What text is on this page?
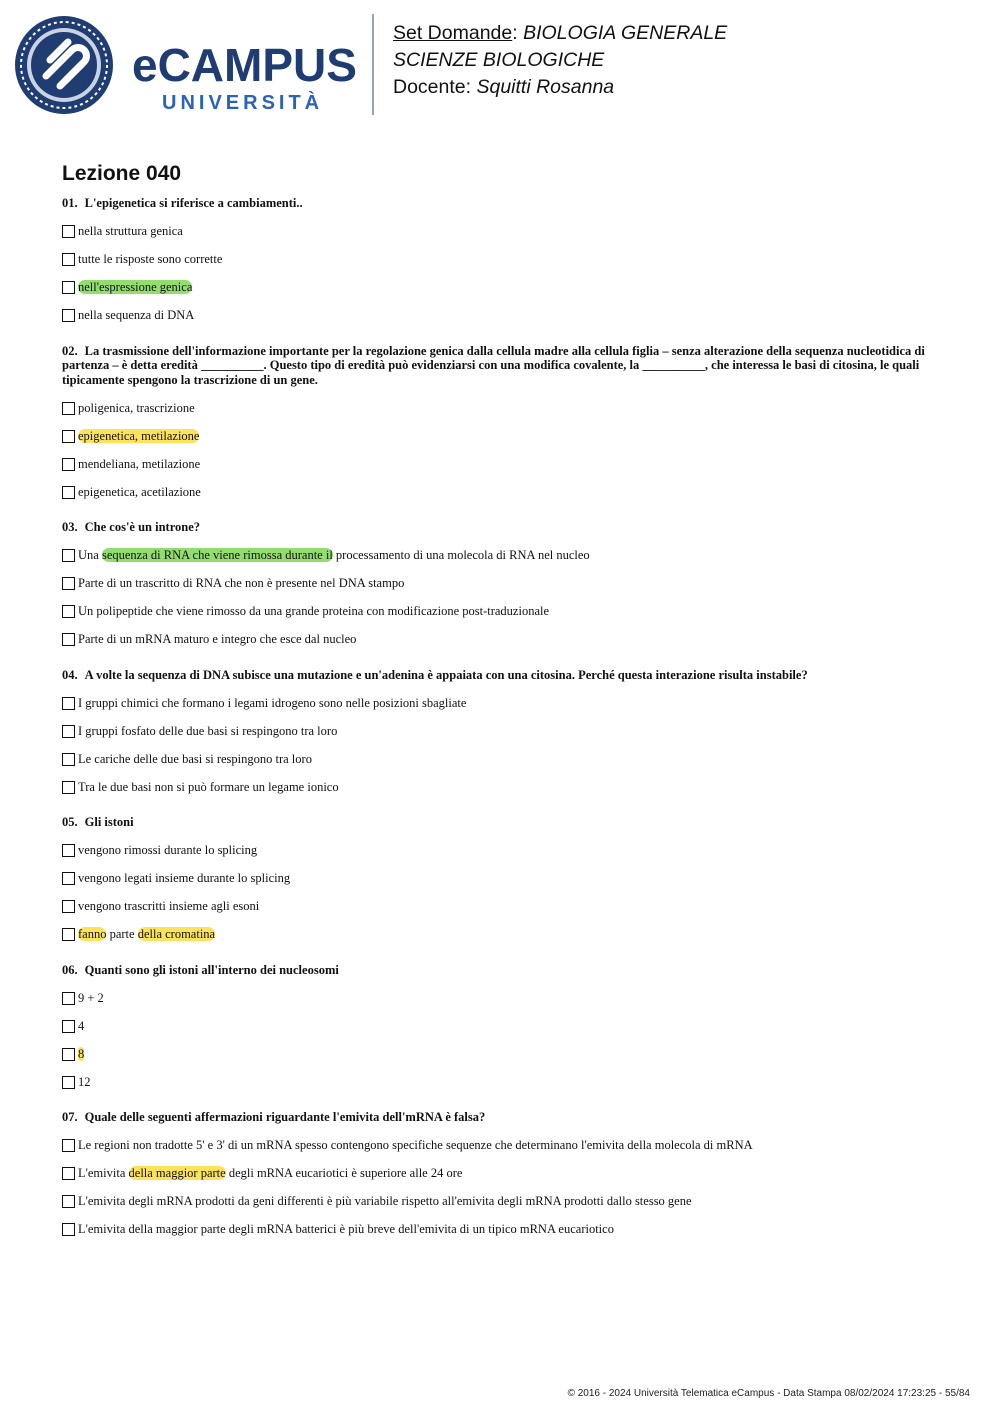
eCAMPUS
UNIVERSITÀ
Set Domande: BIOLOGIA GENERALE
SCIENZE BIOLOGICHE
Docente: Squitti Rosanna
Lezione 040
01. L'epigenetica si riferisce a cambiamenti..
nella struttura genica
tutte le risposte sono corrette
nell'espressione genica
nella sequenza di DNA
02. La trasmissione dell'informazione importante per la regolazione genica dalla cellula madre alla cellula figlia – senza alterazione della sequenza nucleotidica di partenza – è detta eredità __________. Questo tipo di eredità può evidenziarsi con una modifica covalente, la __________, che interessa le basi di citosina, le quali tipicamente spengono la trascrizione di un gene.
poligenica, trascrizione
epigenetica, metilazione
mendeliana, metilazione
epigenetica, acetilazione
03. Che cos'è un introne?
Una sequenza di RNA che viene rimossa durante il processamento di una molecola di RNA nel nucleo
Parte di un trascritto di RNA che non è presente nel DNA stampo
Un polipeptide che viene rimosso da una grande proteina con modificazione post-traduzionale
Parte di un mRNA maturo e integro che esce dal nucleo
04. A volte la sequenza di DNA subisce una mutazione e un'adenina è appaiata con una citosina. Perché questa interazione risulta instabile?
I gruppi chimici che formano i legami idrogeno sono nelle posizioni sbagliate
I gruppi fosfato delle due basi si respingono tra loro
Le cariche delle due basi si respingono tra loro
Tra le due basi non si può formare un legame ionico
05. Gli istoni
vengono rimossi durante lo splicing
vengono legati insieme durante lo splicing
vengono trascritti insieme agli esoni
fanno parte della cromatina
06. Quanti sono gli istoni all'interno dei nucleosomi
9 + 2
4
8
12
07. Quale delle seguenti affermazioni riguardante l'emivita dell'mRNA è falsa?
Le regioni non tradotte 5' e 3' di un mRNA spesso contengono specifiche sequenze che determinano l'emivita della molecola di mRNA
L'emivita della maggior parte degli mRNA eucariotici è superiore alle 24 ore
L'emivita degli mRNA prodotti da geni differenti è più variabile rispetto all'emivita degli mRNA prodotti dallo stesso gene
L'emivita della maggior parte degli mRNA batterici è più breve dell'emivita di un tipico mRNA eucariotico
© 2016 - 2024 Università Telematica eCampus - Data Stampa 08/02/2024 17:23:25 - 55/84
